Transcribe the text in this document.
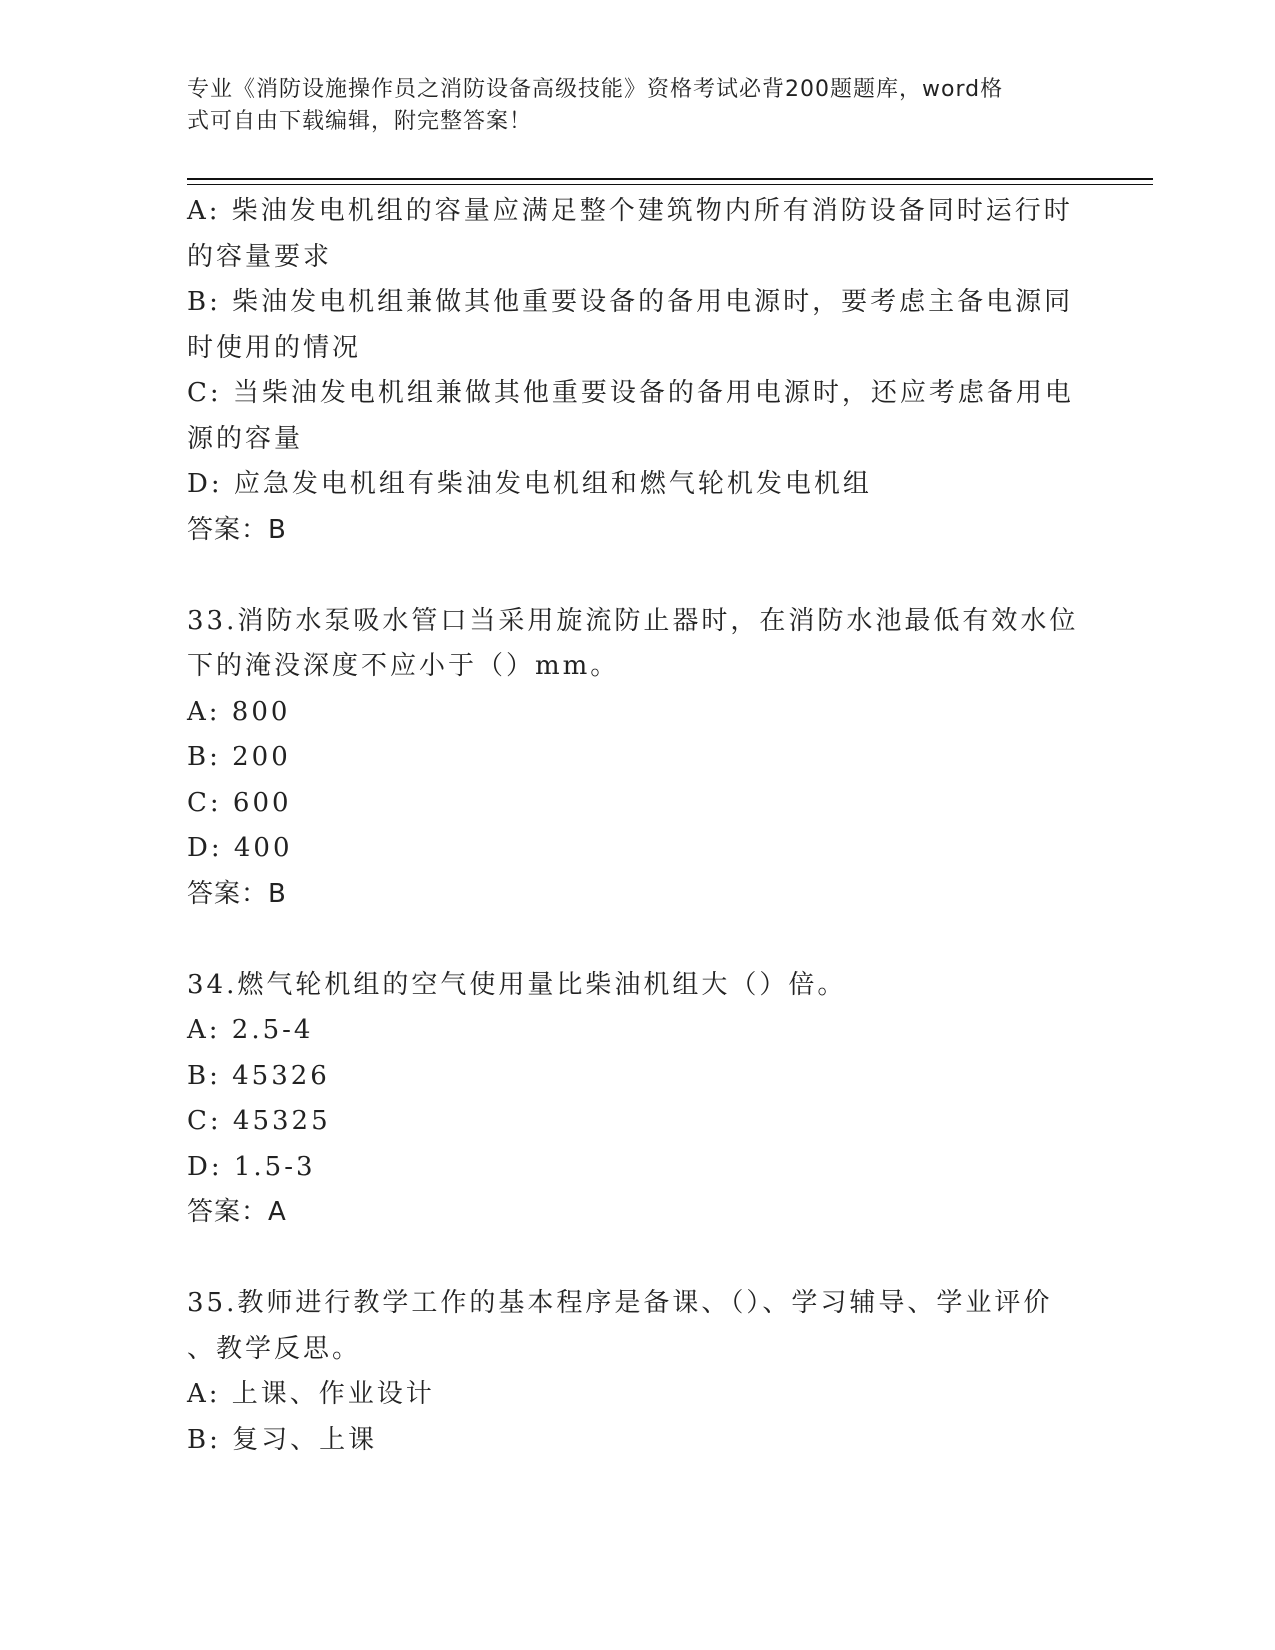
专业《消防设施操作员之消防设备高级技能》资格考试必背200题题库，word格
式可自由下载编辑，附完整答案！
A: 柴油发电机组的容量应满足整个建筑物内所有消防设备同时运行时
的容量要求
B: 柴油发电机组兼做其他重要设备的备用电源时，要考虑主备电源同
时使用的情况
C: 当柴油发电机组兼做其他重要设备的备用电源时，还应考虑备用电
源的容量
D: 应急发电机组有柴油发电机组和燃气轮机发电机组
答案：B
33.消防水泵吸水管口当采用旋流防止器时，在消防水池最低有效水位
下的淹没深度不应小于（）mm。
A: 800
B: 200
C: 600
D: 400
答案：B
34.燃气轮机组的空气使用量比柴油机组大（）倍。
A: 2.5-4
B: 45326
C: 45325
D: 1.5-3
答案：A
35.教师进行教学工作的基本程序是备课、（）、学习辅导、学业评价
、教学反思。
A: 上课、作业设计
B: 复习、上课
